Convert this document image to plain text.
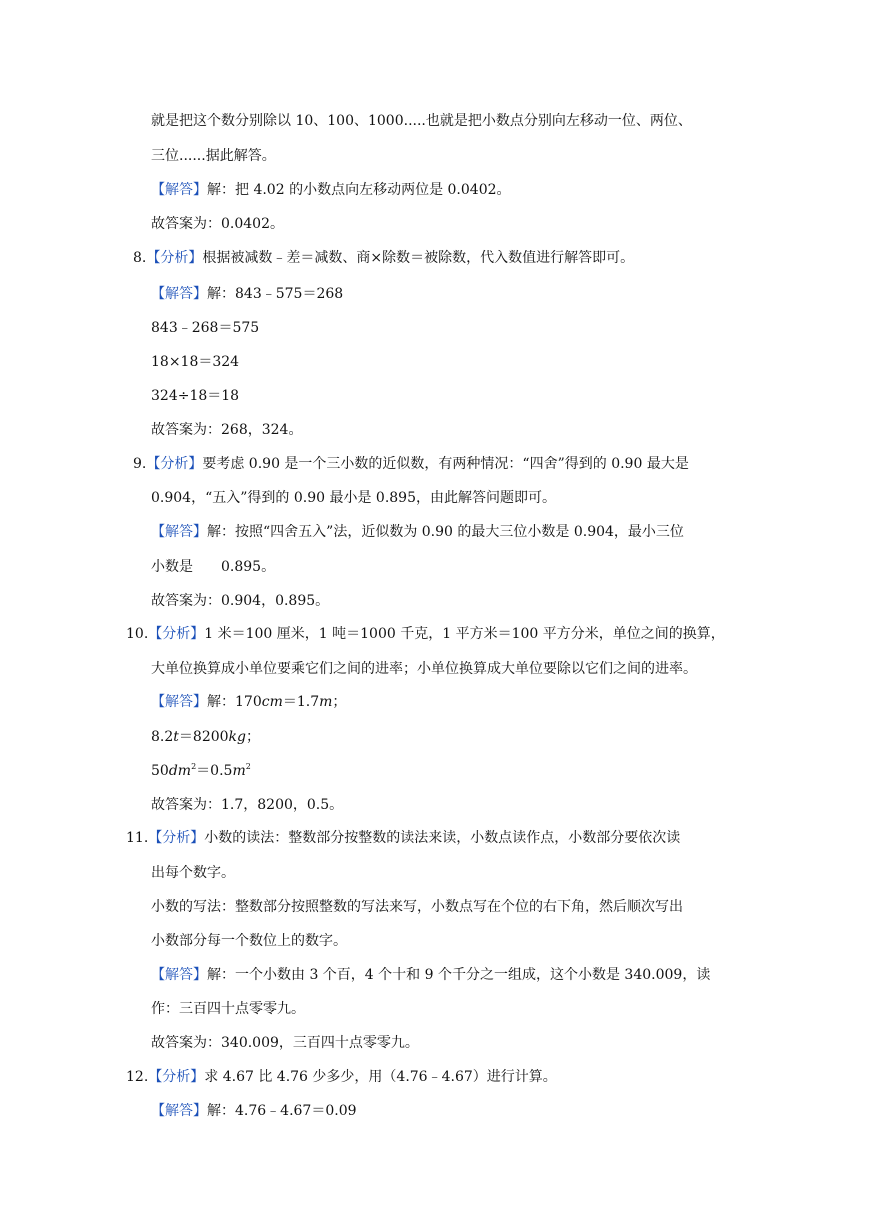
就是把这个数分别除以 10、100、1000.....也就是把小数点分别向左移动一位、两位、
三位......据此解答。
【解答】解：把 4.02 的小数点向左移动两位是 0.0402。
故答案为：0.0402。
8.【分析】根据被减数﹣差＝减数、商×除数＝被除数，代入数值进行解答即可。
【解答】解：843﹣575＝268
843﹣268＝575
18×18＝324
324÷18＝18
故答案为：268，324。
9.【分析】要考虑 0.90 是一个三小数的近似数，有两种情况：“四舍”得到的 0.90 最大是
0.904，“五入”得到的 0.90 最小是 0.895，由此解答问题即可。
【解答】解：按照“四舍五入”法，近似数为 0.90 的最大三位小数是 0.904，最小三位
小数是　　0.895。
故答案为：0.904，0.895。
10.【分析】1 米＝100 厘米，1 吨＝1000 千克，1 平方米＝100 平方分米，单位之间的换算，
大单位换算成小单位要乘它们之间的进率；小单位换算成大单位要除以它们之间的进率。
【解答】解：170cm＝1.7m；
8.2t＝8200kg；
$50dm^2=0.5m^2$
故答案为：1.7，8200，0.5。
11.【分析】小数的读法：整数部分按整数的读法来读，小数点读作点，小数部分要依次读
出每个数字。
小数的写法：整数部分按照整数的写法来写，小数点写在个位的右下角，然后顺次写出
小数部分每一个数位上的数字。
【解答】解：一个小数由 3 个百，4 个十和 9 个千分之一组成，这个小数是 340.009，读
作：三百四十点零零九。
故答案为：340.009，三百四十点零零九。
12.【分析】求 4.67 比 4.76 少多少，用（4.76﹣4.67）进行计算。
【解答】解：4.76﹣4.67＝0.09
